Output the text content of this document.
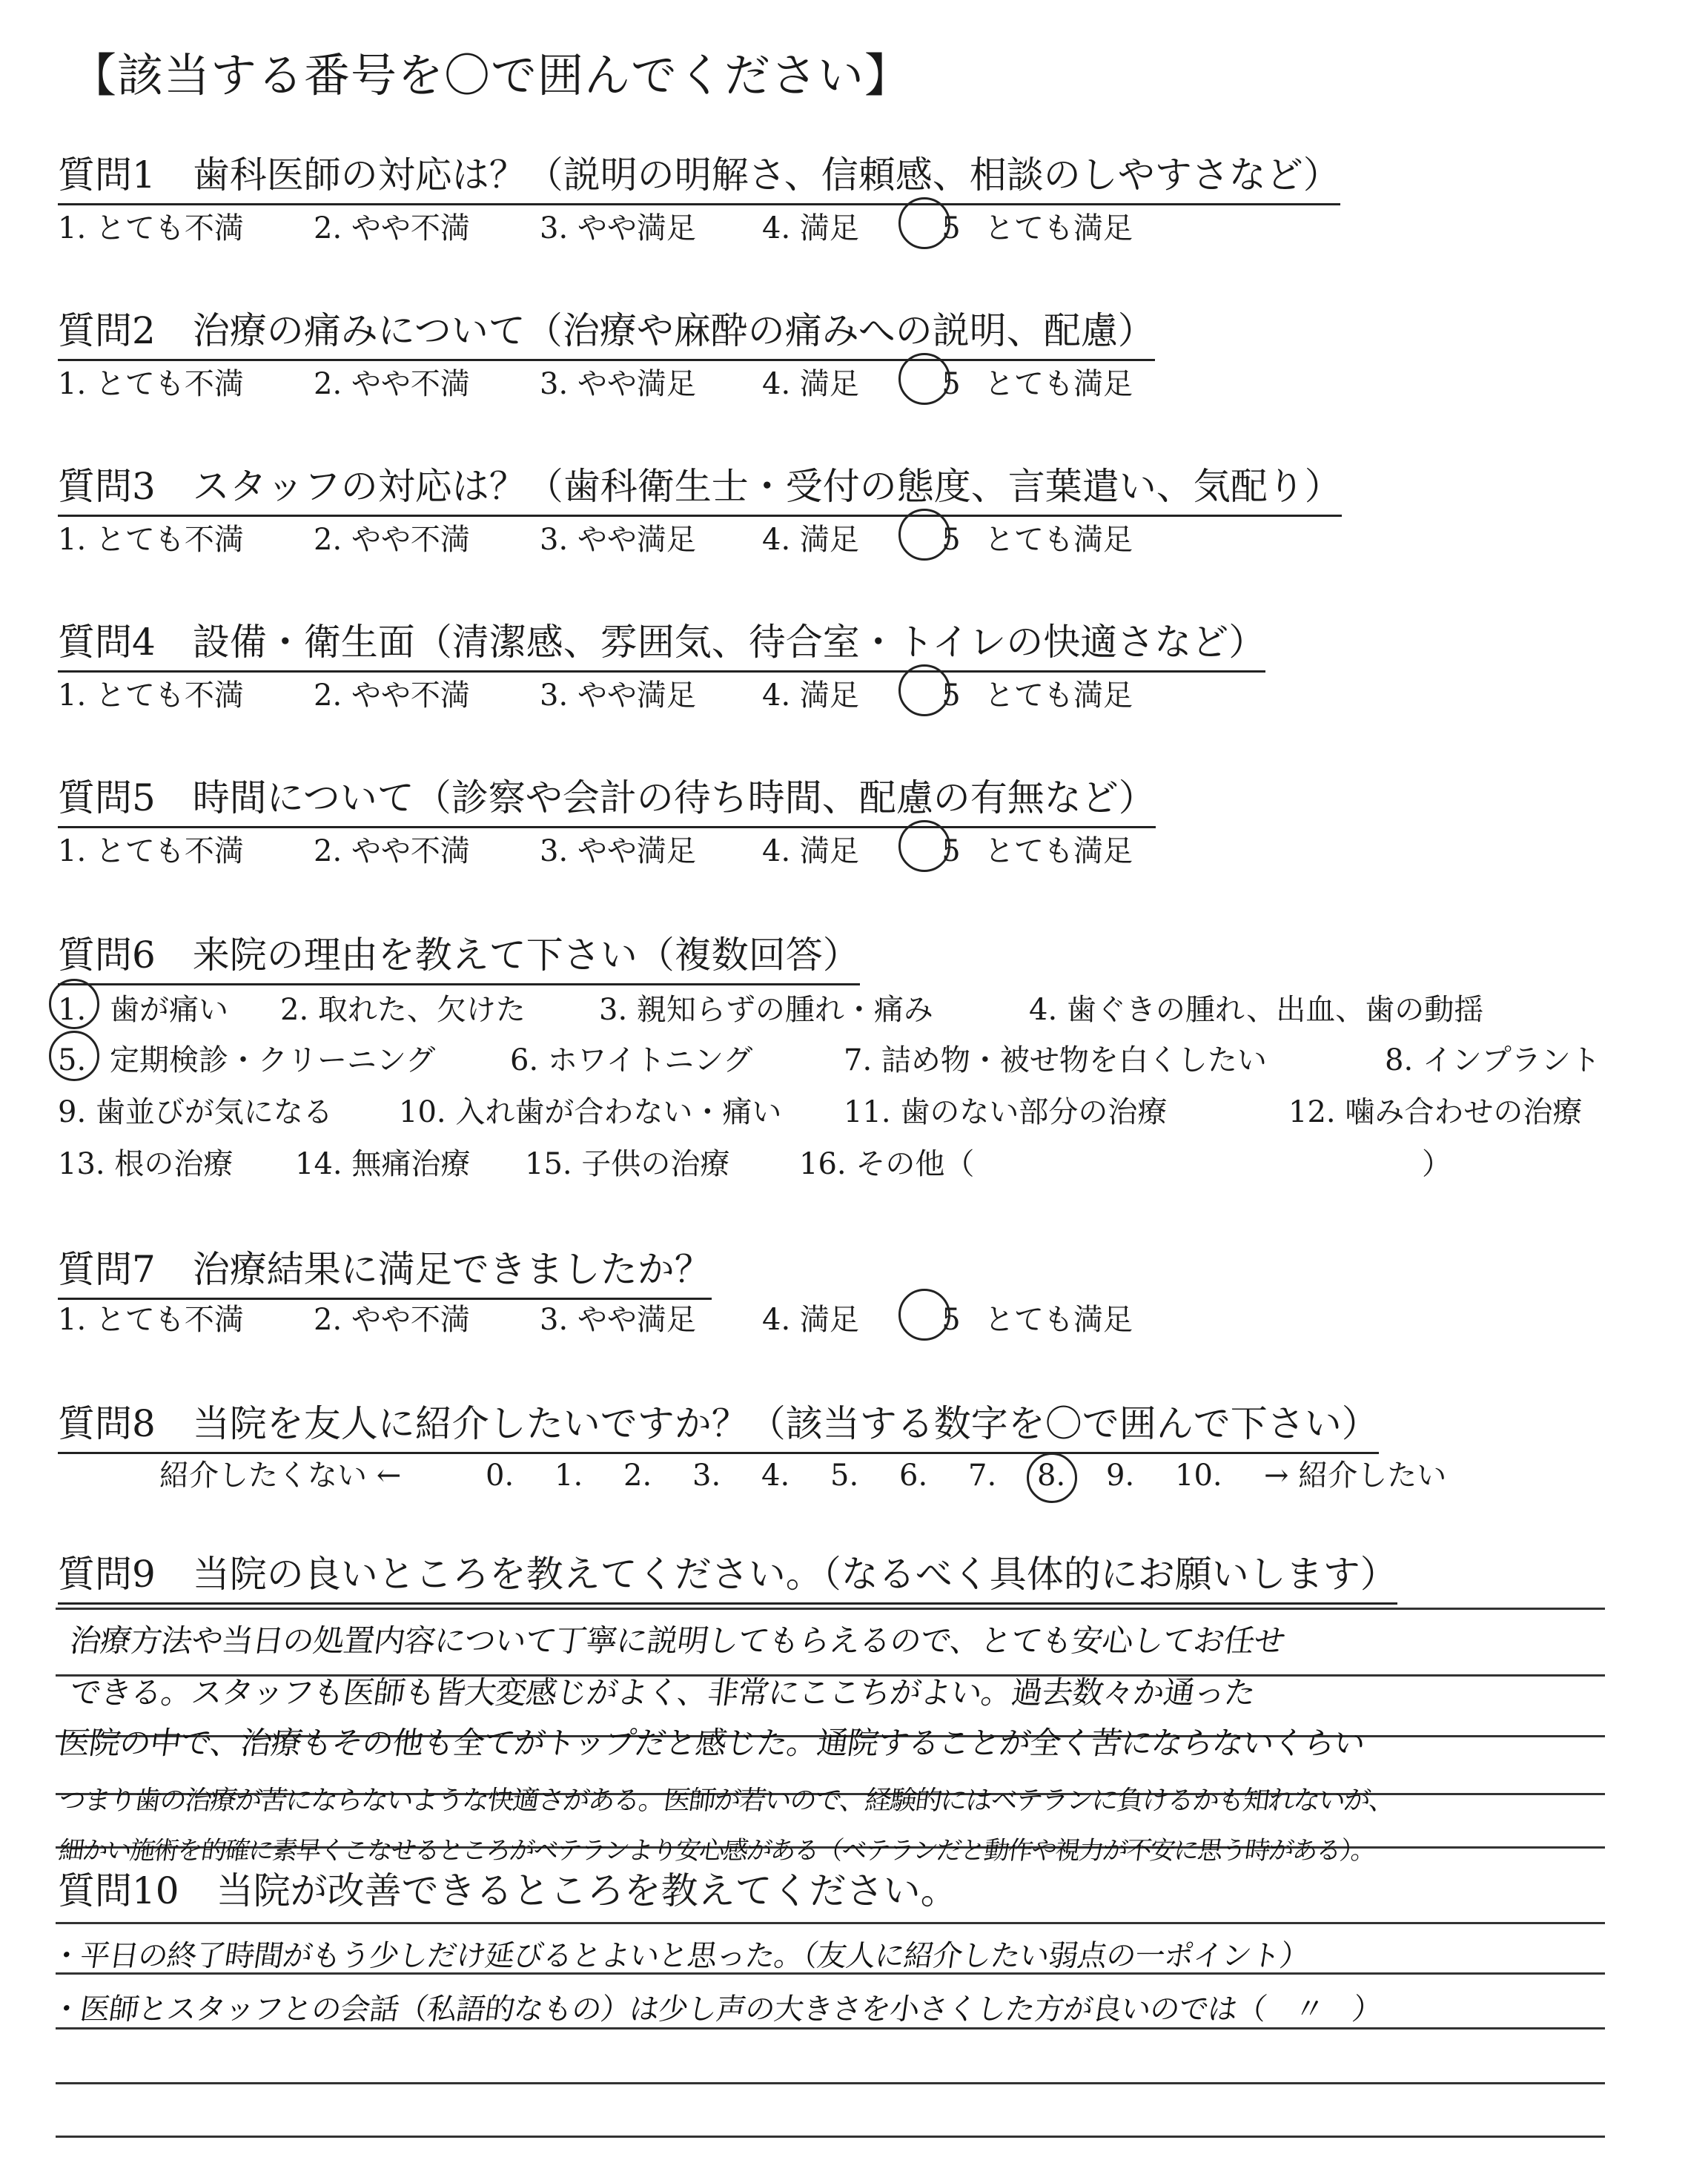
【該当する番号を〇で囲んでください】
質問1　歯科医師の対応は？（説明の明解さ、信頼感、相談のしやすさなど）
1. とても不満 2. やや不満 3. やや満足 4. 満足	5 とても満足
質問2　治療の痛みについて（治療や麻酔の痛みへの説明、配慮）
1. とても不満 2. やや不満 3. やや満足 4. 満足	5 とても満足
質問3　スタッフの対応は？（歯科衛生士・受付の態度、言葉遣い、気配り）
1. とても不満 2. やや不満 3. やや満足 4. 満足	5 とても満足
質問4　設備・衛生面（清潔感、雰囲気、待合室・トイレの快適さなど）
1. とても不満 2. やや不満 3. やや満足 4. 満足	5 とても満足
質問5　時間について（診察や会計の待ち時間、配慮の有無など）
1. とても不満 2. やや不満 3. やや満足 4. 満足	5 とても満足
質問6　来院の理由を教えて下さい（複数回答）
1. 歯が痛い 2. 取れた、欠けた 3. 親知らずの腫れ・痛み	4. 歯ぐきの腫れ、出血、歯の動揺
5. 定期検診・クリーニング	6. ホワイトニング	7. 詰め物・被せ物を白くしたい	8. インプラント
9. 歯並びが気になる 10. 入れ歯が合わない・痛い 11. 歯のない部分の治療	12. 噛み合わせの治療
13. 根の治療 14. 無痛治療 15. 子供の治療 16. その他（	）
質問7　治療結果に満足できましたか？
1. とても不満 2. やや不満 3. やや満足 4. 満足	5 とても満足
質問8　当院を友人に紹介したいですか？（該当する数字を〇で囲んで下さい）
紹介したくない ←	0. 1. 2. 3. 4. 5. 6. 7. 8. 9. 10. → 紹介したい
質問9　当院の良いところを教えてください。（なるべく具体的にお願いします）
治療方法や当日の処置内容について丁寧に説明してもらえるので、とても安心してお任せ
できる。スタッフも医師も皆大変感じがよく、非常にここちがよい。過去数々か通った
医院の中で、治療もその他も全てがトップだと感じた。通院することが全く苦にならないくらい
つまり歯の治療が苦にならないような快適さがある。医師が若いので、経験的にはベテランに負けるかも知れないが、
細かい施術を的確に素早くこなせるところがベテランより安心感がある（ベテランだと動作や視力が不安に思う時がある）。
質問10　当院が改善できるところを教えてください。
・平日の終了時間がもう少しだけ延びるとよいと思った。（友人に紹介したい弱点の一ポイント）
・医師とスタッフとの会話（私語的なもの）は少し声の大きさを小さくした方が良いのでは（　〃　）
